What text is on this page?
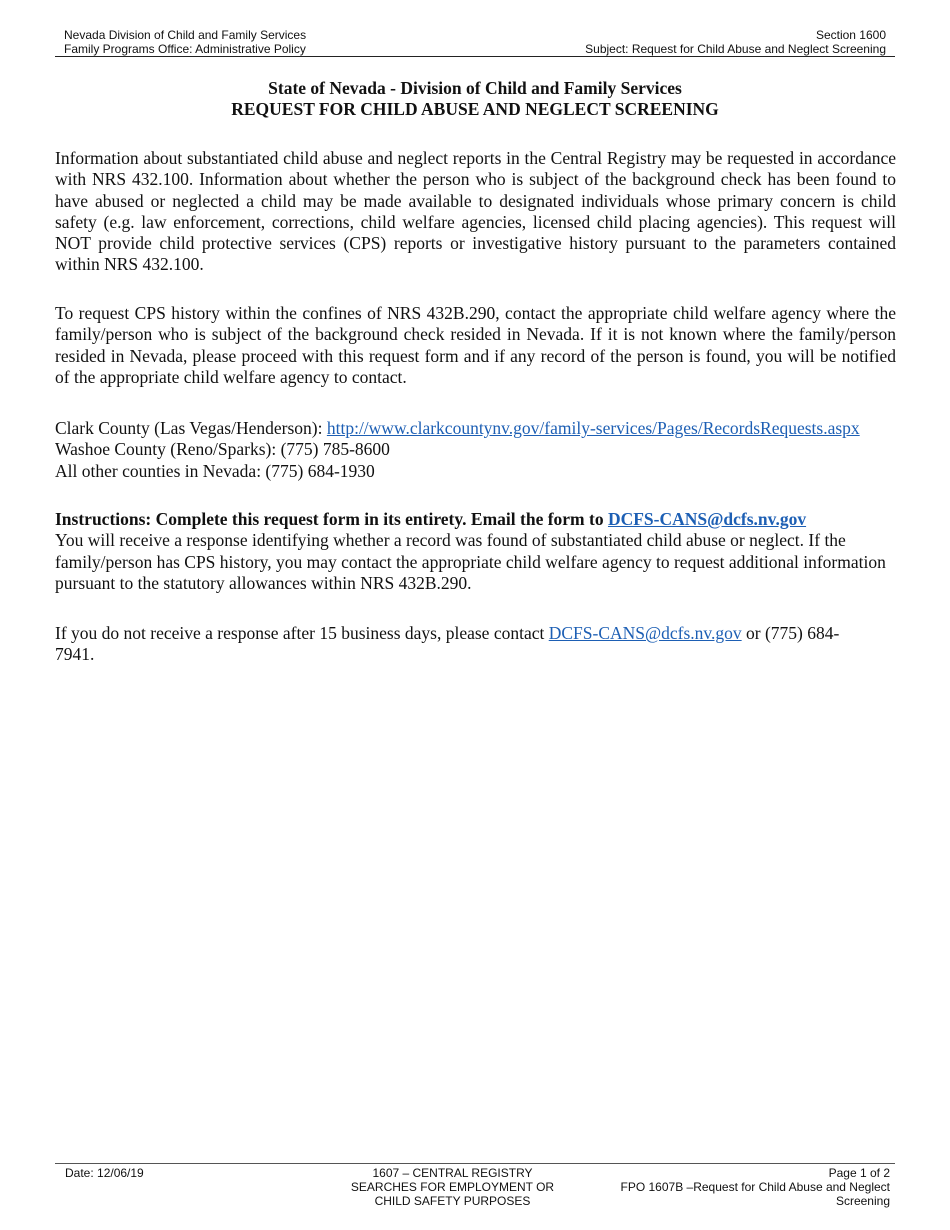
Nevada Division of Child and Family Services	Section 1600
Family Programs Office: Administrative Policy	Subject: Request for Child Abuse and Neglect Screening
State of Nevada - Division of Child and Family Services
REQUEST FOR CHILD ABUSE AND NEGLECT SCREENING
Information about substantiated child abuse and neglect reports in the Central Registry may be requested in accordance with NRS 432.100. Information about whether the person who is subject of the background check has been found to have abused or neglected a child may be made available to designated individuals whose primary concern is child safety (e.g. law enforcement, corrections, child welfare agencies, licensed child placing agencies). This request will NOT provide child protective services (CPS) reports or investigative history pursuant to the parameters contained within NRS 432.100.
To request CPS history within the confines of NRS 432B.290, contact the appropriate child welfare agency where the family/person who is subject of the background check resided in Nevada. If it is not known where the family/person resided in Nevada, please proceed with this request form and if any record of the person is found, you will be notified of the appropriate child welfare agency to contact.
Clark County (Las Vegas/Henderson): http://www.clarkcountynv.gov/family-services/Pages/RecordsRequests.aspx
Washoe County (Reno/Sparks): (775) 785-8600
All other counties in Nevada: (775) 684-1930
Instructions: Complete this request form in its entirety. Email the form to DCFS-CANS@dcfs.nv.gov
You will receive a response identifying whether a record was found of substantiated child abuse or neglect. If the family/person has CPS history, you may contact the appropriate child welfare agency to request additional information pursuant to the statutory allowances within NRS 432B.290.
If you do not receive a response after 15 business days, please contact DCFS-CANS@dcfs.nv.gov or (775) 684-7941.
Date: 12/06/19	1607 – CENTRAL REGISTRY
SEARCHES FOR EMPLOYMENT OR
CHILD SAFETY PURPOSES
Page 1 of 2
FPO 1607B –Request for Child Abuse and Neglect
Screening
